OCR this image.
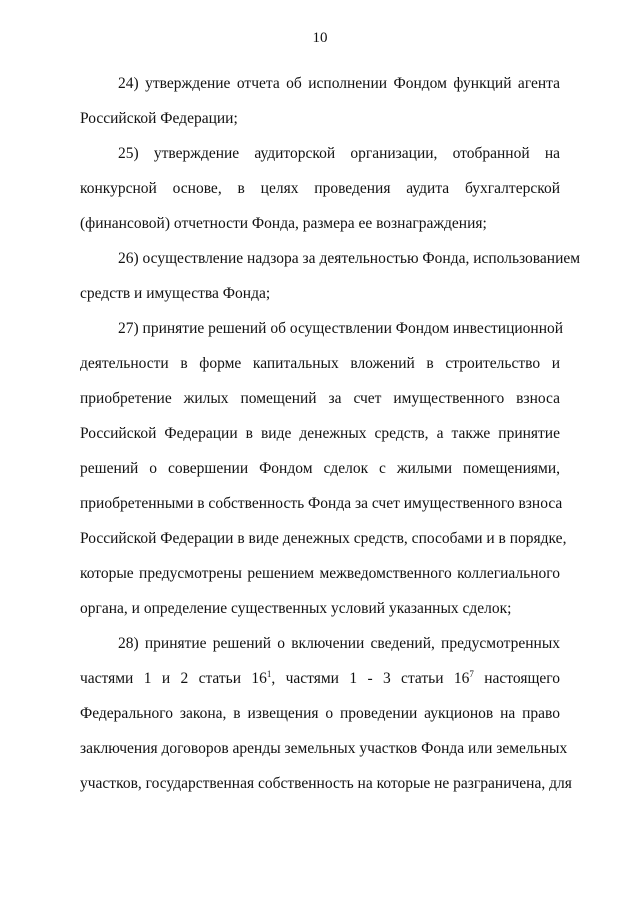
10

24) утверждение отчета об исполнении Фондом функций агента
Российской Федерации;

25) утверждение аудиторской организации, отобранной на
конкурсной основе, в целях проведения аудита бухгалтерской
(финансовой) отчетности Фонда, размера ее вознаграждения;

26) осуществление надзора за деятельностью Фонда, использованием
средств и имущества Фонда;

27) принятие решений об осуществлении Фондом инвестиционной
деятельности в форме капитальных вложений в строительство и
приобретение жилых помещений за счет имущественного взноса
Российской Федерации в виде денежных средств, а также принятие
решений о совершении Фондом сделок с жилыми помещениями,
приобретенными в собственность Фонда за счет имущественного взноса
Российской Федерации в виде денежных средств, способами и в порядке,
которые предусмотрены решением межведомственного коллегиального
органа, и определение существенных условий указанных сделок;

28) принятие решений о включении сведений, предусмотренных
частями 1 и 2 статьи $16^1$, частями 1 - 3 статьи $16^7$ настоящего
Федерального закона, в извещения о проведении аукционов на право
заключения договоров аренды земельных участков Фонда или земельных
участков, государственная собственность на которые не разграничена, для
